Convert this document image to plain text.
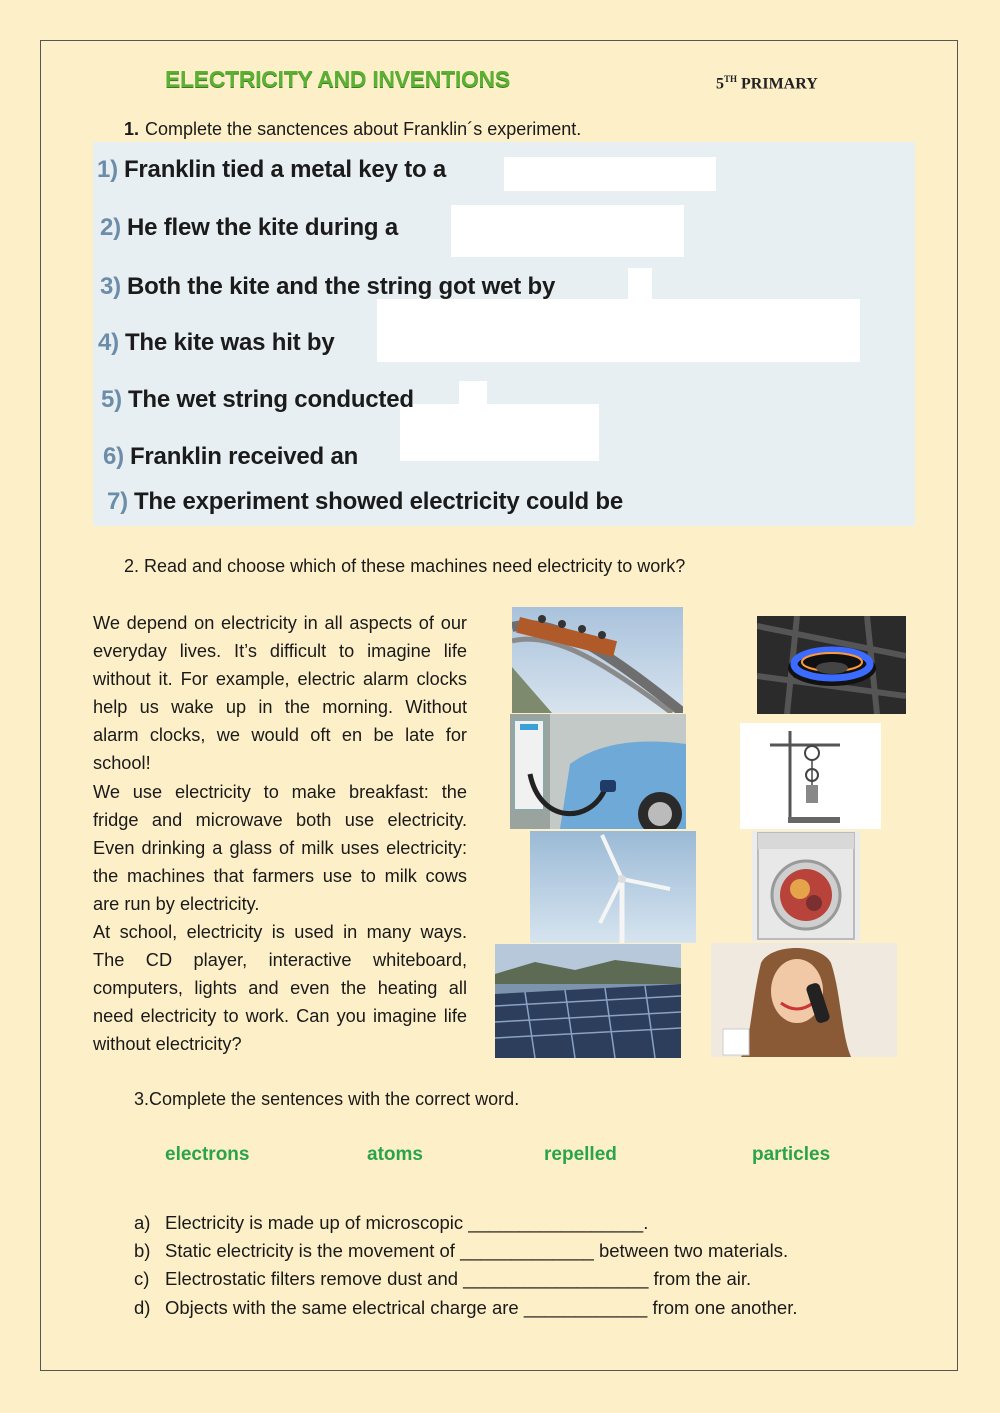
ELECTRICITY AND INVENTIONS	5TH PRIMARY
1. Complete the sanctences about Franklin´s experiment.
1) Franklin tied a metal key to a
2) He flew the kite during a
3) Both the kite and the string got wet by
4) The kite was hit by
5) The wet string conducted
6) Franklin received an
7) The experiment showed electricity could be
2. Read and choose which of these machines need electricity to work?

We depend on electricity in all aspects of our everyday lives. It’s difficult to imagine life without it. For example, electric alarm clocks help us wake up in the morning. Without alarm clocks, we would oft en be late for school!

We use electricity to make breakfast: the fridge and microwave both use electricity. Even drinking a glass of milk uses electricity: the machines that farmers use to milk cows are run by electricity.

At school, electricity is used in many ways. The CD player, interactive whiteboard, computers, lights and even the heating all need electricity to work. Can you imagine life without electricity?

3.Complete the sentences with the correct word.
electrons	atoms	repelled	particles
a) Electricity is made up of microscopic _________________.
b) Static electricity is the movement of _____________ between two materials.
c) Electrostatic filters remove dust and __________________ from the air.
d) Objects with the same electrical charge are ____________ from one another.
